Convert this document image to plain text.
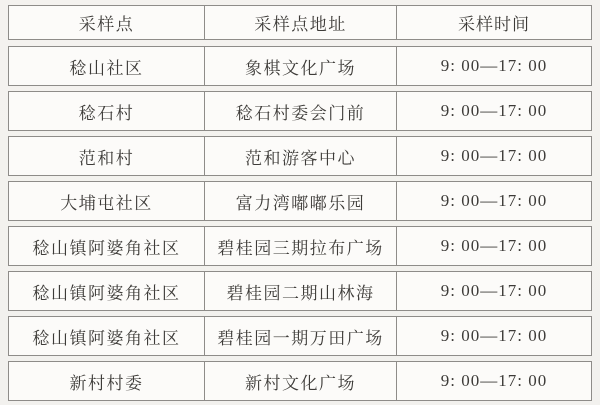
采样点	采样点地址	采样时间
稔山社区	象棋文化广场	9: 00—17: 00
稔石村	稔石村委会门前	9: 00—17: 00
范和村	范和游客中心	9: 00—17: 00
大埔屯社区	富力湾嘟嘟乐园	9: 00—17: 00
稔山镇阿婆角社区	碧桂园三期拉布广场	9: 00—17: 00
稔山镇阿婆角社区	碧桂园二期山林海	9: 00—17: 00
稔山镇阿婆角社区	碧桂园一期万田广场	9: 00—17: 00
新村村委	新村文化广场	9: 00—17: 00
